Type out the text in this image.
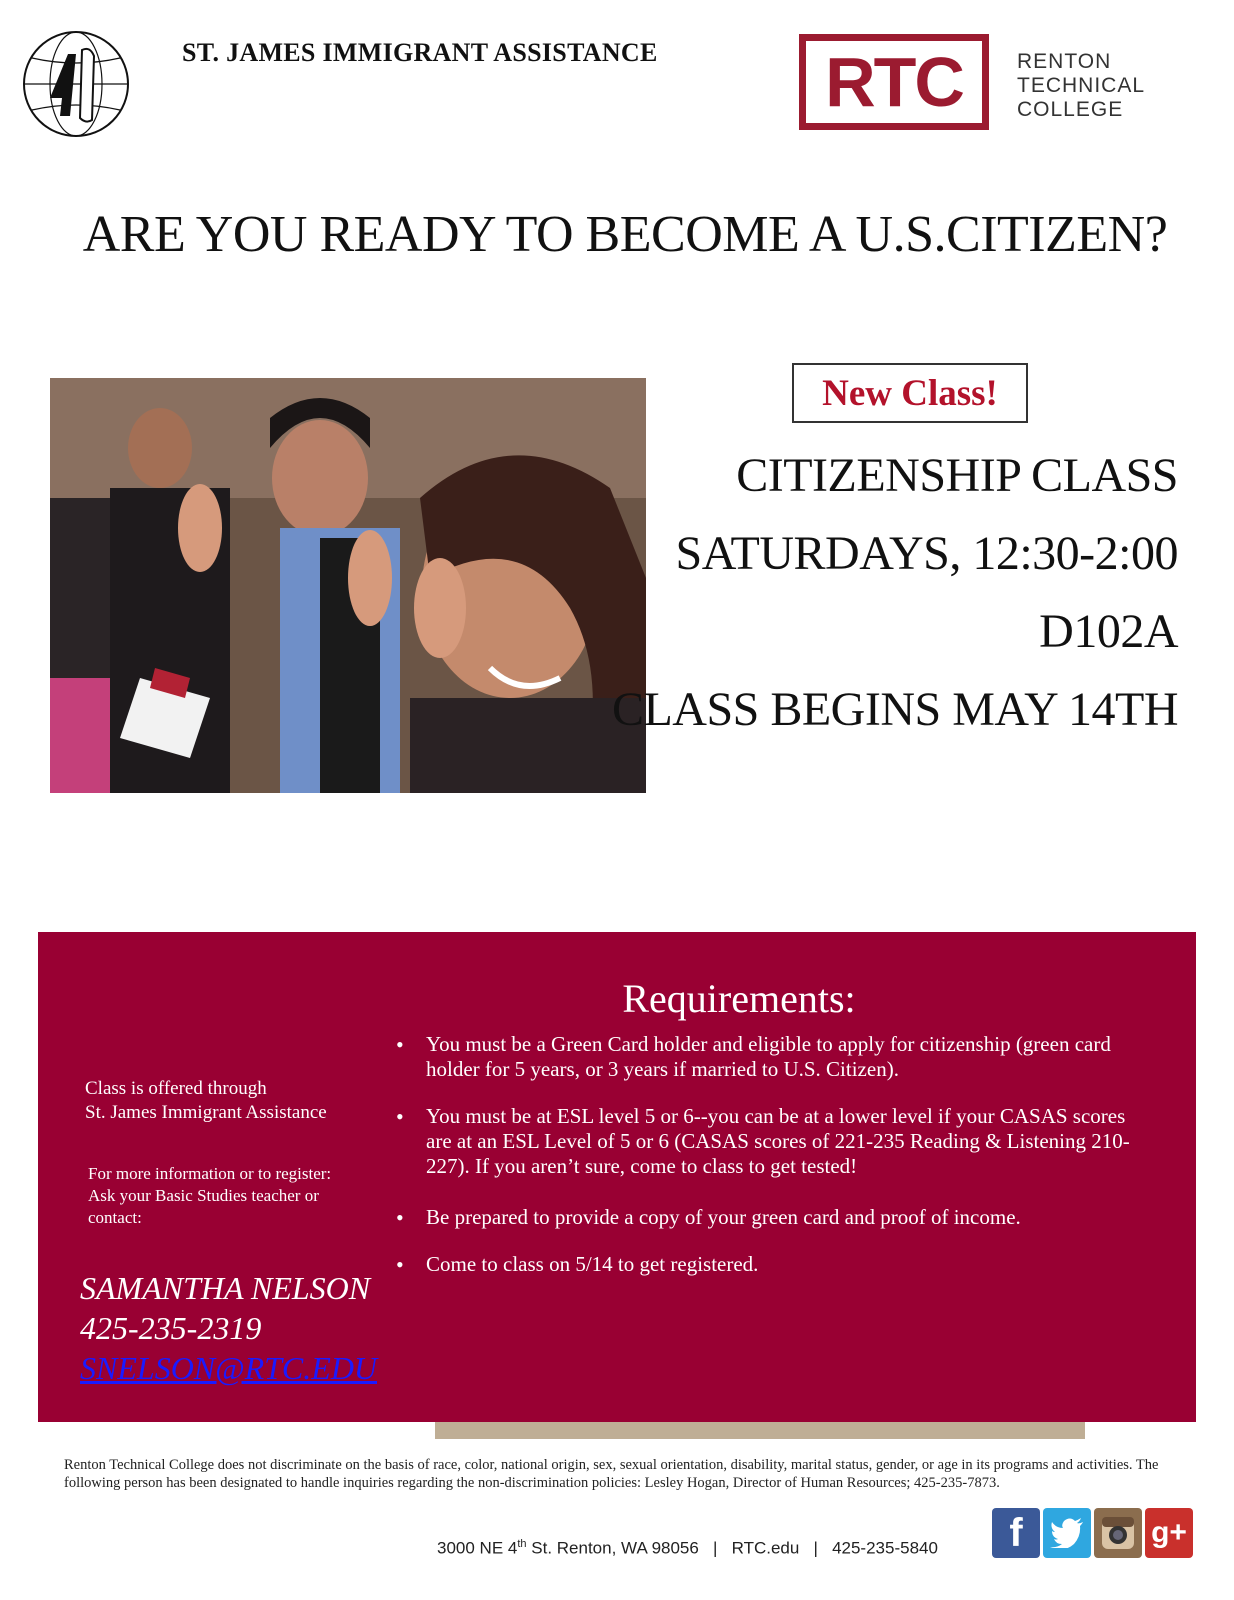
ST. JAMES IMMIGRANT ASSISTANCE RTC	RENTON
TECHNICAL
COLLEGE
ARE YOU READY TO BECOME A U.S.CITIZEN?
New Class!
CITIZENSHIP CLASS
SATURDAYS, 12:30-2:00
D102A
CLASS BEGINS MAY 14TH
Requirements:
• You must be a Green Card holder and eligible to apply for citizenship (green card holder for 5 years, or 3 years if married to U.S. Citizen).
• You must be at ESL level 5 or 6--you can be at a lower level if your CASAS scores are at an ESL Level of 5 or 6 (CASAS scores of 221-235 Reading & Listening 210-227). If you aren’t sure, come to class to get tested!
• Be prepared to provide a copy of your green card and proof of income.
• Come to class on 5/14 to get registered.
Class is offered through
St. James Immigrant Assistance
For more information or to register: Ask your Basic Studies teacher or contact:
SAMANTHA NELSON
425-235-2319
SNELSON@RTC.EDU
Renton Technical College does not discriminate on the basis of race, color, national origin, sex, sexual orientation, disability, marital status, gender, or age in its programs and activities. The following person has been designated to handle inquiries regarding the non-discrimination policies: Lesley Hogan, Director of Human Resources; 425-235-7873.
3000 NE 4th St. Renton, WA 98056   |   RTC.edu   |   425-235-5840	f	g+
